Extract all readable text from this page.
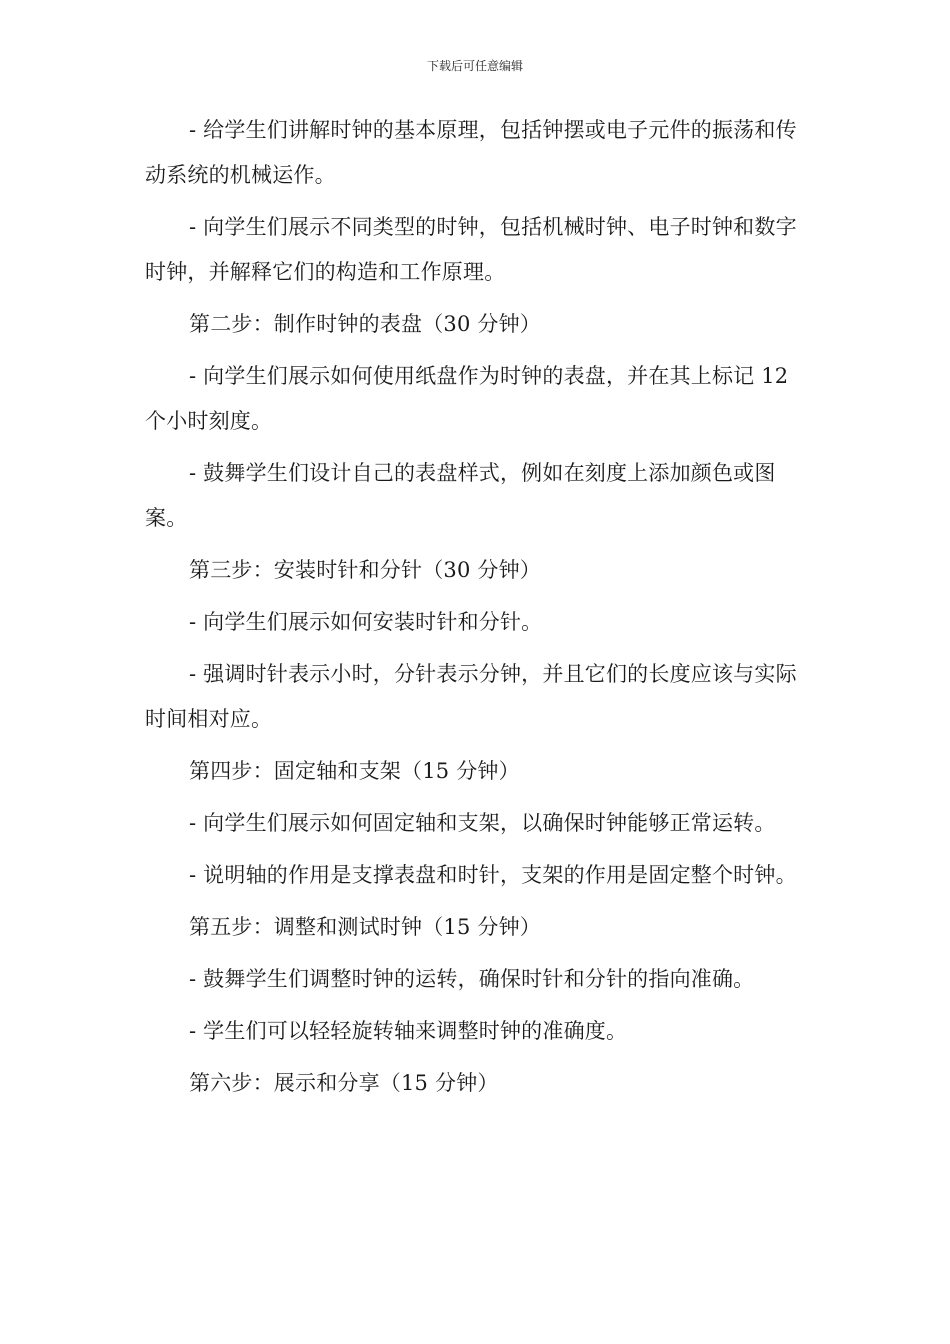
下载后可任意编辑

- 给学生们讲解时钟的基本原理，包括钟摆或电子元件的振荡和传动系统的机械运作。

- 向学生们展示不同类型的时钟，包括机械时钟、电子时钟和数字时钟，并解释它们的构造和工作原理。

第二步：制作时钟的表盘（30 分钟）

- 向学生们展示如何使用纸盘作为时钟的表盘，并在其上标记 12 个小时刻度。

- 鼓舞学生们设计自己的表盘样式，例如在刻度上添加颜色或图案。

第三步：安装时针和分针（30 分钟）

- 向学生们展示如何安装时针和分针。

- 强调时针表示小时，分针表示分钟，并且它们的长度应该与实际时间相对应。

第四步：固定轴和支架（15 分钟）

- 向学生们展示如何固定轴和支架，以确保时钟能够正常运转。

- 说明轴的作用是支撑表盘和时针，支架的作用是固定整个时钟。

第五步：调整和测试时钟（15 分钟）

- 鼓舞学生们调整时钟的运转，确保时针和分针的指向准确。

- 学生们可以轻轻旋转轴来调整时钟的准确度。

第六步：展示和分享（15 分钟）
